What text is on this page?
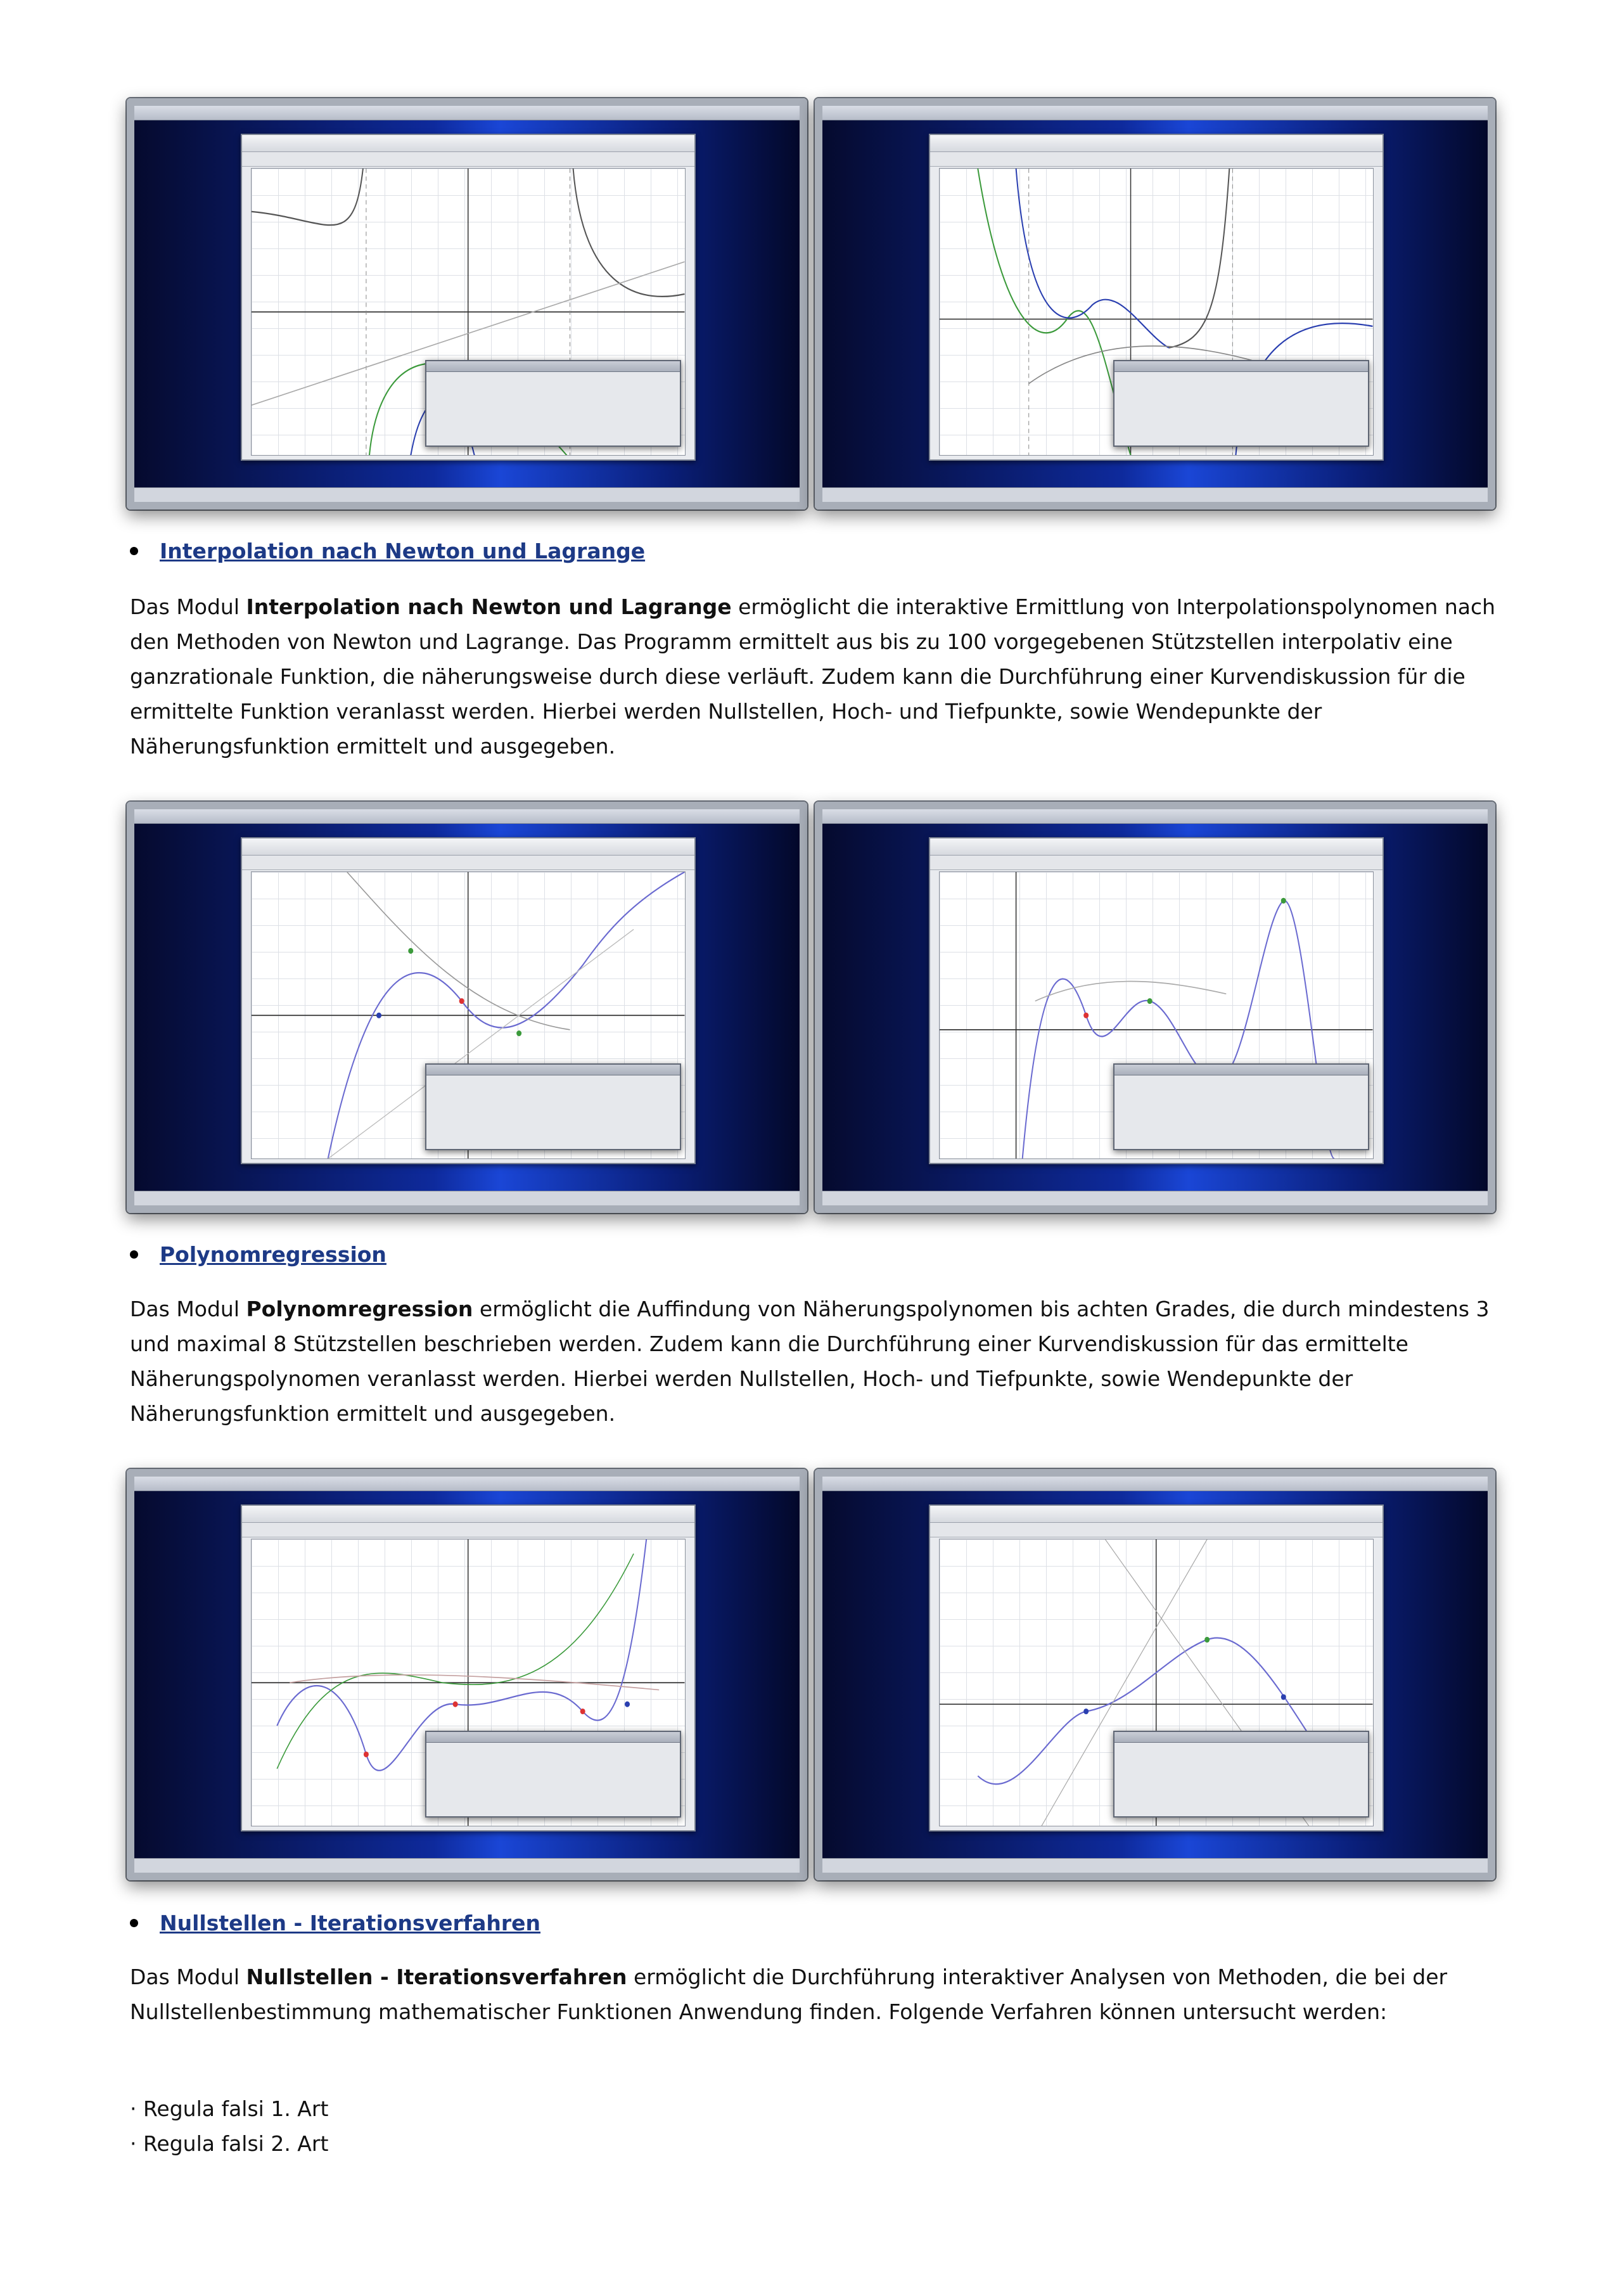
Interpolation nach Newton und Lagrange

Das Modul Interpolation nach Newton und Lagrange ermöglicht die interaktive Ermittlung von Interpolationspolynomen nach den Methoden von Newton und Lagrange. Das Programm ermittelt aus bis zu 100 vorgegebenen Stützstellen interpolativ eine ganzrationale Funktion, die näherungsweise durch diese verläuft. Zudem kann die Durchführung einer Kurvendiskussion für die ermittelte Funktion veranlasst werden. Hierbei werden Nullstellen, Hoch- und Tiefpunkte, sowie Wendepunkte der Näherungsfunktion ermittelt und ausgegeben.

Polynomregression

Das Modul Polynomregression ermöglicht die Auffindung von Näherungspolynomen bis achten Grades, die durch mindestens 3 und maximal 8 Stützstellen beschrieben werden. Zudem kann die Durchführung einer Kurvendiskussion für das ermittelte Näherungspolynomen veranlasst werden. Hierbei werden Nullstellen, Hoch- und Tiefpunkte, sowie Wendepunkte der Näherungsfunktion ermittelt und ausgegeben.

Nullstellen - Iterationsverfahren

Das Modul Nullstellen - Iterationsverfahren ermöglicht die Durchführung interaktiver Analysen von Methoden, die bei der Nullstellenbestimmung mathematischer Funktionen Anwendung finden. Folgende Verfahren können untersucht werden:

· Regula falsi 1. Art

· Regula falsi 2. Art
